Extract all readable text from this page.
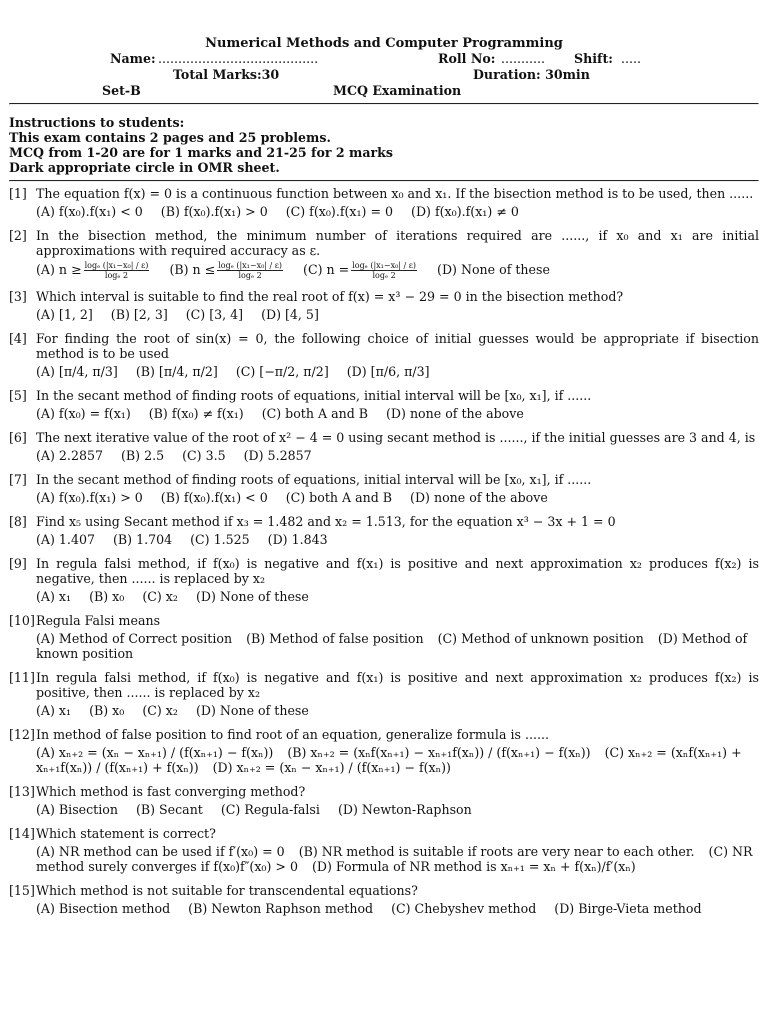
Numerical Methods and Computer Programming
Name: ........................................	Roll No: ........... Shift: .....
Total Marks:30	Duration: 30min
Set-B	MCQ Examination
Instructions to students:
This exam contains 2 pages and 25 problems.
MCQ from 1-20 are for 1 marks and 21-25 for 2 marks
Dark appropriate circle in OMR sheet.
[1] The equation f(x) = 0 is a continuous function between x₀ and x₁. If the bisection method is to be used, then ......
(A) f(x₀).f(x₁) < 0 (B) f(x₀).f(x₁) > 0 (C) f(x₀).f(x₁) = 0 (D) f(x₀).f(x₁) ≠ 0
[2] In the bisection method, the minimum number of iterations required are ......, if x₀ and x₁ are initial approximations with required accuracy as ε.
(A) $n \ge \frac{\text{logₑ (|x₁−x₀| / ε)}}{\text{logₑ 2}} (B) n \le \frac{\text{logₑ (|x₁−x₀| / ε)}}{\text{logₑ 2}} (C) n = \frac{\text{logₑ (|x₁−x₀| / ε)}}{\text{logₑ 2}} (D)$ None of these
[3] Which interval is suitable to find the real root of f(x) = x³ − 29 = 0 in the bisection method?
(A) [1, 2] (B) [2, 3] (C) [3, 4] (D) [4, 5]
[4] For finding the root of sin(x) = 0, the following choice of initial guesses would be appropriate if bisection method is to be used
(A) [π/4, π/3] (B) [π/4, π/2] (C) [−π/2, π/2] (D) [π/6, π/3]
[5] In the secant method of finding roots of equations, initial interval will be [x₀, x₁], if ......
(A) f(x₀) = f(x₁) (B) f(x₀) ≠ f(x₁) (C) both A and B (D) none of the above
[6] The next iterative value of the root of x² − 4 = 0 using secant method is ......, if the initial guesses are 3 and 4, is
(A) 2.2857 (B) 2.5 (C) 3.5 (D) 5.2857
[7] In the secant method of finding roots of equations, initial interval will be [x₀, x₁], if ......
(A) f(x₀).f(x₁) > 0 (B) f(x₀).f(x₁) < 0 (C) both A and B (D) none of the above
[8] Find x₅ using Secant method if x₃ = 1.482 and x₂ = 1.513, for the equation x³ − 3x + 1 = 0
(A) 1.407 (B) 1.704 (C) 1.525 (D) 1.843
[9] In regula falsi method, if f(x₀) is negative and f(x₁) is positive and next approximation x₂ produces f(x₂) is negative, then ...... is replaced by x₂
(A) x₁ (B) x₀ (C) x₂ (D) None of these
[10] Regula Falsi means
(A) Method of Correct position (B) Method of false position (C) Method of unknown position (D) Method of known position
[11] In regula falsi method, if f(x₀) is negative and f(x₁) is positive and next approximation x₂ produces f(x₂) is positive, then ...... is replaced by x₂
(A) x₁ (B) x₀ (C) x₂ (D) None of these
[12] In method of false position to find root of an equation, generalize formula is ......
(A) xₙ₊₂ = (xₙ − xₙ₊₁) / (f(xₙ₊₁) − f(xₙ)) (B) xₙ₊₂ = (xₙf(xₙ₊₁) − xₙ₊₁f(xₙ)) / (f(xₙ₊₁) − f(xₙ)) (C) xₙ₊₂ = (xₙf(xₙ₊₁) + xₙ₊₁f(xₙ)) / (f(xₙ₊₁) + f(xₙ)) (D) xₙ₊₂ = (xₙ − xₙ₊₁) / (f(xₙ₊₁) − f(xₙ))
[13] Which method is fast converging method?
(A) Bisection (B) Secant (C) Regula-falsi (D) Newton-Raphson
[14] Which statement is correct?
(A) NR method can be used if f′(x₀) = 0 (B) NR method is suitable if roots are very near to each other. (C) NR method surely converges if f(x₀)f″(x₀) > 0 (D) Formula of NR method is xₙ₊₁ = xₙ + f(xₙ)/f′(xₙ)
[15] Which method is not suitable for transcendental equations?
(A) Bisection method (B) Newton Raphson method (C) Chebyshev method (D) Birge-Vieta method
